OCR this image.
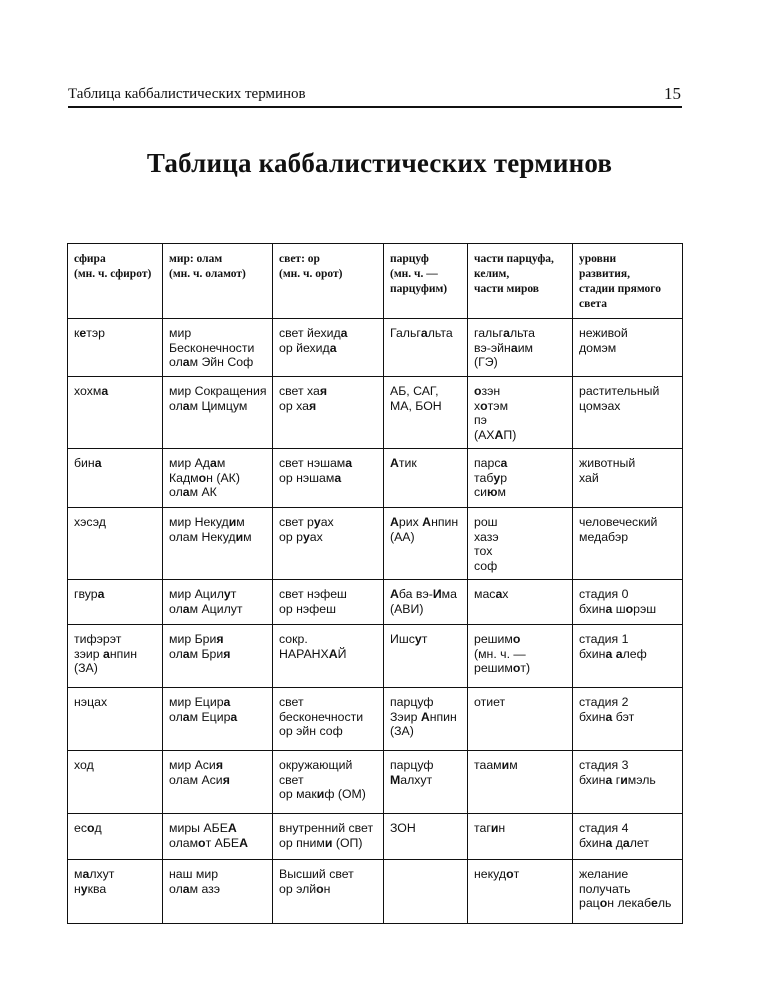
Таблица каббалистических терминов	15
Таблица каббалистических терминов
сфира
(мн. ч. сфирот)	мир: олам
(мн. ч. оламот)	свет: ор
(мн. ч. орот)	парцуф
(мн. ч. —
парцуфим)	части парцуфа,
келим,
части миров	уровни
развития,
стадии прямого
света

кетэр	мир
Бесконечности
олам Эйн Соф	свет йехида
ор йехида	Гальгальта	гальгальта
вэ-эйнаим
(ГЭ)	неживой
домэм

хохма	мир Сокращения
олам Цимцум	свет хая
ор хая	АБ, САГ,
МА, БОН	озэн
хотэм
пэ
(АХАП)	растительный
цомэах

бина	мир Адам
Кадмон (АК)
олам АК	свет нэшама
ор нэшама	Атик	парса
табур
сиюм	животный
хай

хэсэд	мир Некудим
олам Некудим	свет руах
ор руах	Арих Анпин
(АА)	рош
хазэ
тох
соф	человеческий
медабэр

гвура	мир Ацилут
олам Ацилут	свет нэфеш
ор нэфеш	Аба вэ-Има
(АВИ)	масах	стадия 0
бхина шорэш

тифэрэт
зэир анпин
(ЗА)	мир Брия
олам Брия	сокр.
НАРАНХАЙ	Ишсут	решимо
(мн. ч. —
решимот)	стадия 1
бхина алеф

нэцах	мир Ецира
олам Ецира	свет
бесконечности
ор эйн соф	парцуф
Зэир Анпин
(ЗА)	отиет	стадия 2
бхина бэт

ход	мир Асия
олам Асия	окружающий
свет
ор макиф (ОМ)	парцуф
Малхут	таамим	стадия 3
бхина гимэль

есод	миры АБЕА
оламот АБЕА	внутренний свет
ор пними (ОП)	ЗОН	тагин	стадия 4
бхина далет

малхут
нуква	наш мир
олам азэ	Высший свет
ор элйон		некудот	желание
получать
рацон лекабель
